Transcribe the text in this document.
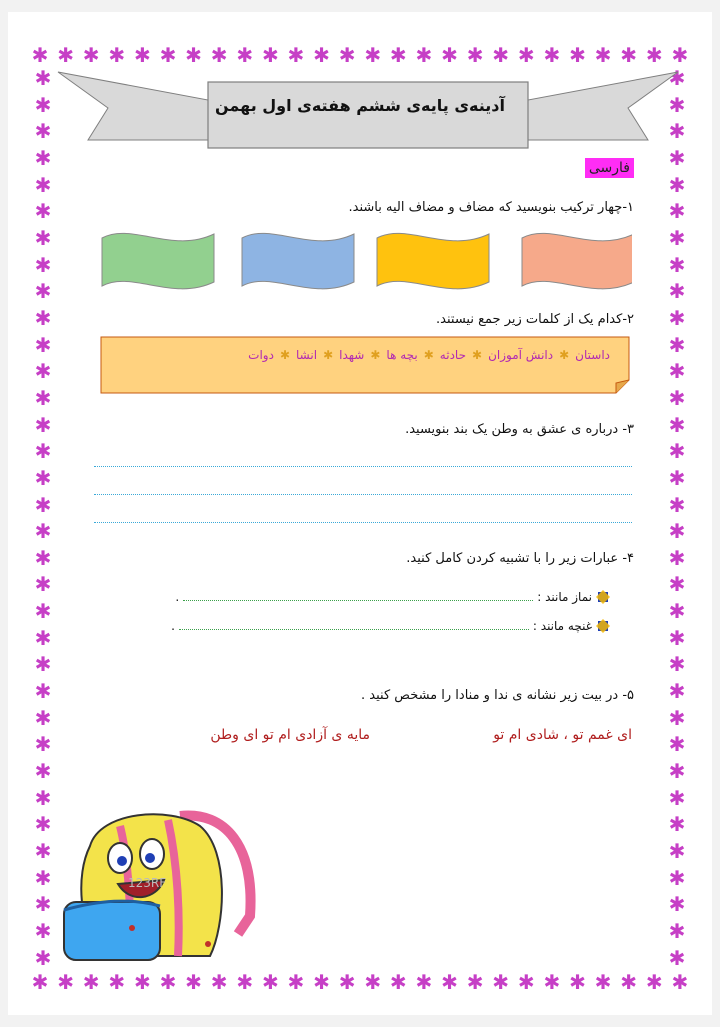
✱ ✱ ✱ ✱ ✱ ✱ ✱ ✱ ✱ ✱ ✱ ✱ ✱ ✱ ✱ ✱ ✱ ✱ ✱ ✱ ✱ ✱ ✱ ✱ ✱ ✱
✱ ✱ ✱ ✱ ✱ ✱ ✱ ✱ ✱ ✱ ✱ ✱ ✱ ✱ ✱ ✱ ✱ ✱ ✱ ✱ ✱ ✱ ✱ ✱ ✱ ✱
✱
✱
✱
✱
✱
✱
✱
✱
✱
✱
✱
✱
✱
✱
✱
✱
✱
✱
✱
✱
✱
✱
✱
✱
✱
✱
✱
✱
✱
✱
✱
✱
✱
✱
✱
✱
✱
✱
✱
✱
✱
✱
✱
✱
✱
✱
✱
✱
✱
✱
✱
✱
✱
✱
✱
✱
✱
✱
✱
✱
✱
✱
✱
✱
✱
✱
✱
✱
آدینه‌ی پایه‌ی ششم هفته‌ی اول بهمن
فارسی
۱-چهار ترکیب بنویسید که مضاف و مضاف الیه باشند.
۲-کدام یک از کلمات زیر جمع نیستند.
داستان
✱
دانش آموزان
✱
حادثه
✱
بچه ها
✱
شهدا
✱
انشا
✱
دوات
۳- درباره ی عشق به وطن یک بند بنویسید.
۴- عبارات زیر را با تشبیه کردن کامل کنید.
نماز مانند :
.
غنچه مانند :
.
۵- در بیت زیر نشانه ی ندا و منادا را مشخص کنید .
ای غمم تو ، شادی ام تو
مایه ی آزادی ام تو ای وطن
123RF
